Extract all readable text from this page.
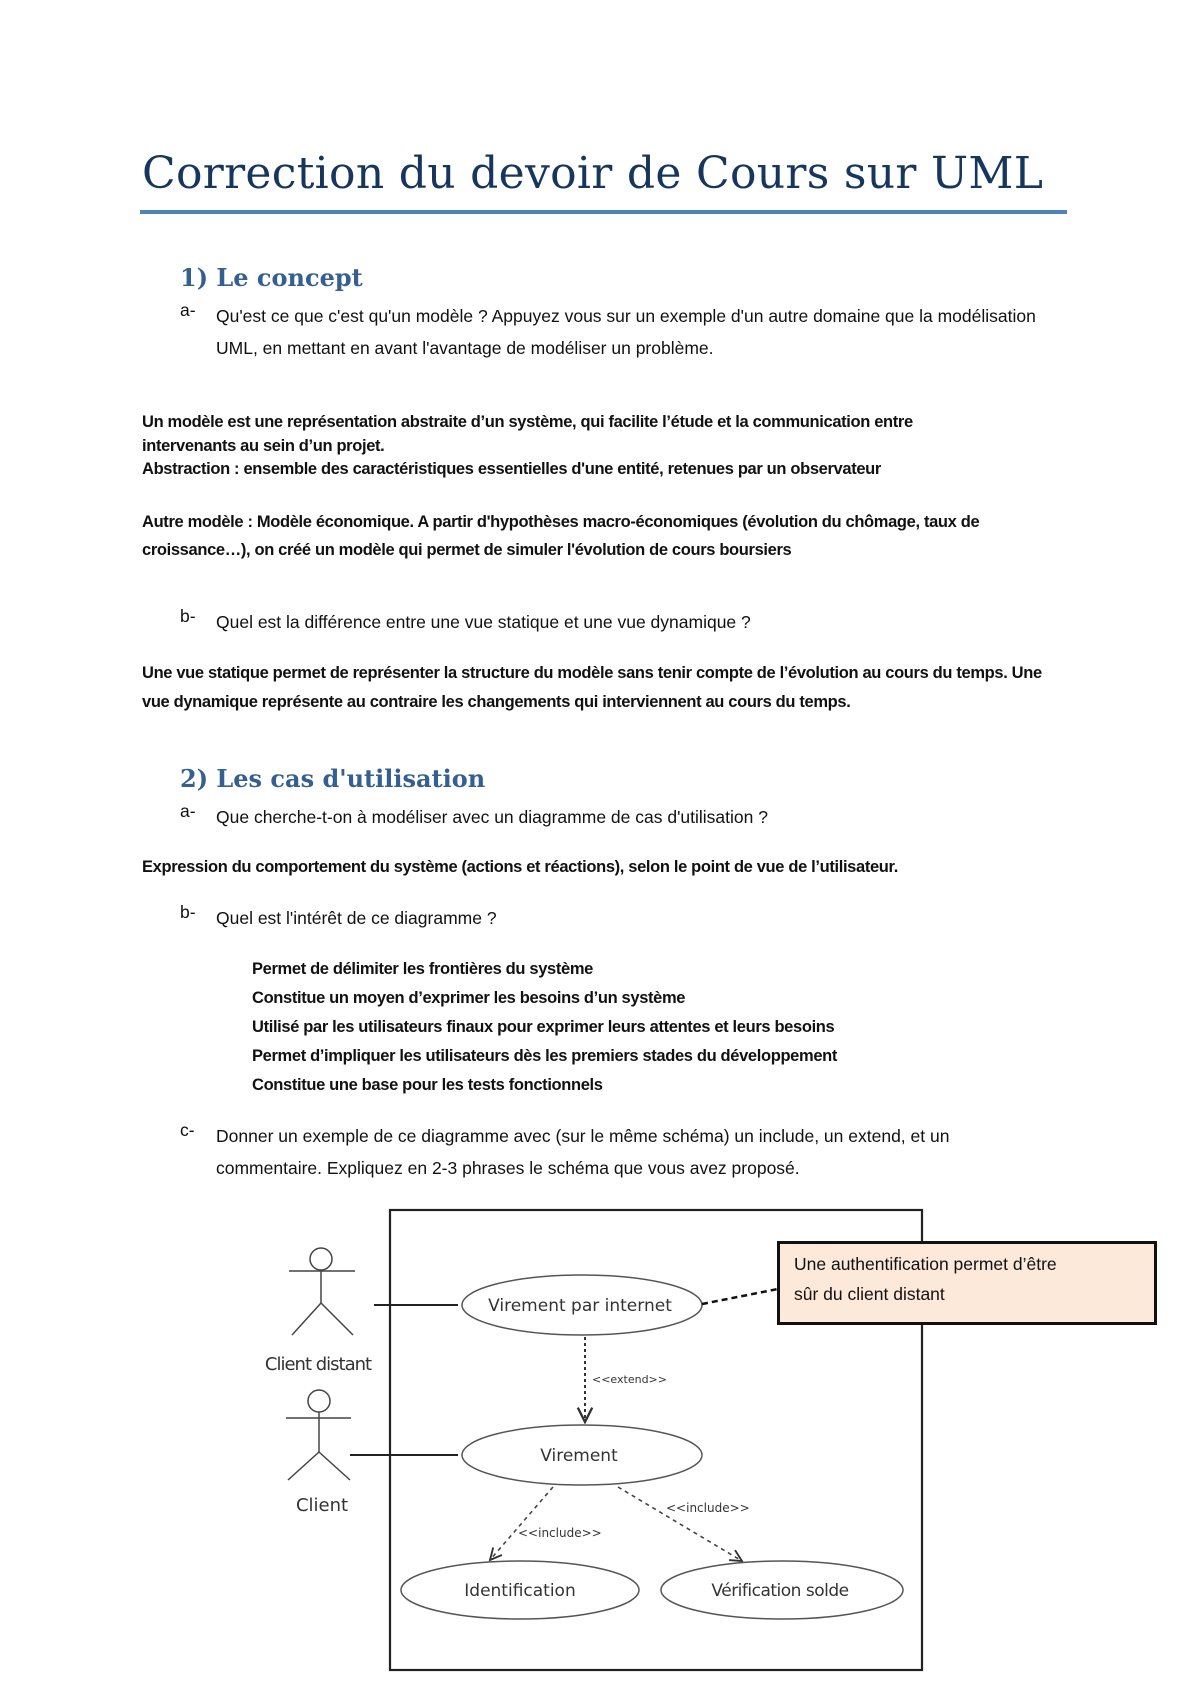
Correction du devoir de Cours sur UML
1) Le concept
a- Qu'est ce que c'est qu'un modèle ? Appuyez vous sur un exemple d'un autre domaine que la modélisation UML, en mettant en avant l'avantage de modéliser un problème.
Un modèle est une représentation abstraite d’un système, qui facilite l’étude et la communication entre
intervenants au sein d’un projet.
Abstraction : ensemble des caractéristiques essentielles d'une entité, retenues par un observateur
Autre modèle : Modèle économique. A partir d'hypothèses macro-économiques (évolution du chômage, taux de croissance…), on créé un modèle qui permet de simuler l'évolution de cours boursiers
b- Quel est la différence entre une vue statique et une vue dynamique ?
Une vue statique permet de représenter la structure du modèle sans tenir compte de l’évolution au cours du temps. Une vue dynamique représente au contraire les changements qui interviennent au cours du temps.
2) Les cas d'utilisation
a- Que cherche-t-on à modéliser avec un diagramme de cas d'utilisation ?
Expression du comportement du système (actions et réactions), selon le point de vue de l’utilisateur.
b- Quel est l'intérêt de ce diagramme ?
Permet de délimiter les frontières du système
Constitue un moyen d’exprimer les besoins d’un système
Utilisé par les utilisateurs finaux pour exprimer leurs attentes et leurs besoins
Permet d’impliquer les utilisateurs dès les premiers stades du développement
Constitue une base pour les tests fonctionnels
c- Donner un exemple de ce diagramme avec (sur le même schéma) un include, un extend, et un commentaire. Expliquez en 2-3 phrases le schéma que vous avez proposé.
Client distant
Client
Virement par internet
<<extend>>
Virement
<<include>>
<<include>>
Identification	Vérification solde
Une authentification permet d’être
sûr du client distant
